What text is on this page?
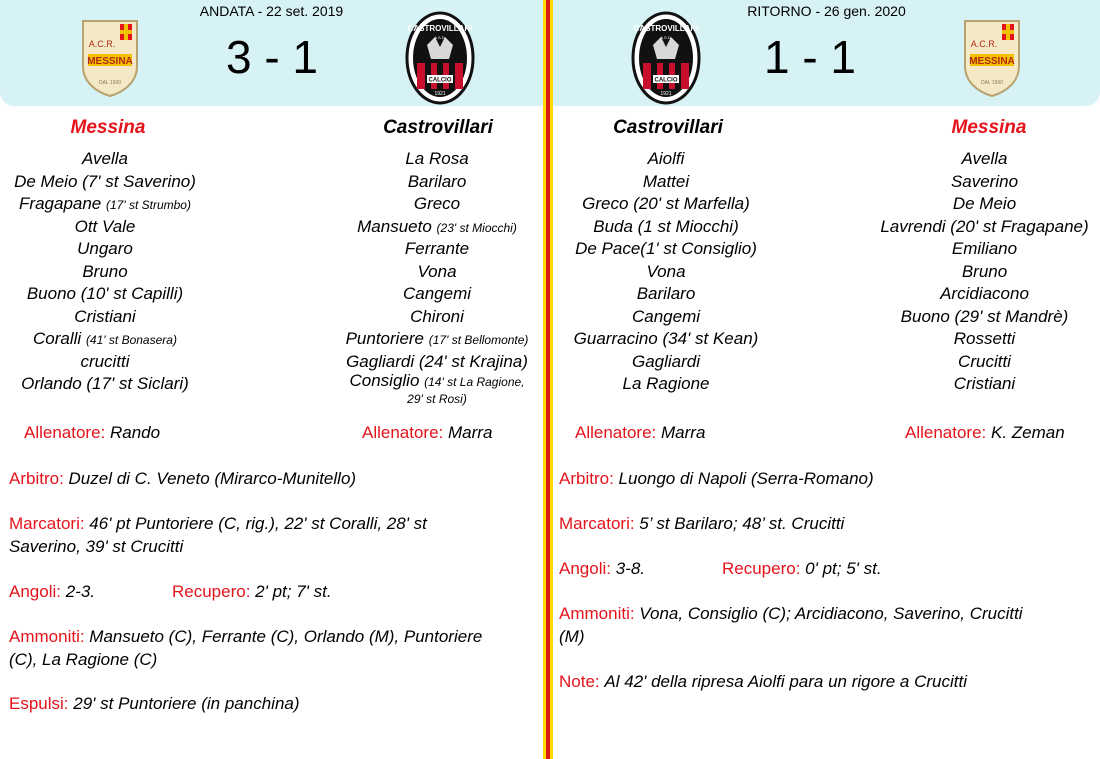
ANDATA - 22 set. 2019
A.C.R.
MESSINA
DAL 1900	3 - 1
CASTROVILLARI
A.S.D.
CALCIO
1921
Messina	Castrovillari
Avella
De Meio (7' st Saverino)
Fragapane (17' st Strumbo)
Ott Vale
Ungaro
Bruno
Buono (10' st Capilli)
Cristiani
Coralli (41' st Bonasera)
crucitti
Orlando (17' st Siclari)
La Rosa
Barilaro
Greco
Mansueto (23' st Miocchi)
Ferrante
Vona
Cangemi
Chironi
Puntoriere (17' st Bellomonte)
Gagliardi (24' st Krajina)
Consiglio (14' st La Ragione,
29' st Rosi)
Allenatore: Rando	Allenatore: Marra
Arbitro: Duzel di C. Veneto (Mirarco-Munitello)
Marcatori: 46' pt Puntoriere (C, rig.), 22' st Coralli, 28' st
Saverino, 39' st Crucitti
Angoli: 2-3.	Recupero: 2' pt; 7' st.
Ammoniti: Mansueto (C), Ferrante (C), Orlando (M), Puntoriere
(C), La Ragione (C)
Espulsi: 29' st Puntoriere (in panchina)
RITORNO - 26 gen. 2020
CASTROVILLARI
A.S.D.
CALCIO
1921
1 - 1	A.C.R.
MESSINA
DAL 1900
Castrovillari	Messina
Aiolfi
Mattei
Greco (20' st Marfella)
Buda (1 st Miocchi)
De Pace(1' st Consiglio)
Vona
Barilaro
Cangemi
Guarracino (34' st Kean)
Gagliardi
La Ragione
Avella
Saverino
De Meio
Lavrendi (20' st Fragapane)
Emiliano
Bruno
Arcidiacono
Buono (29' st Mandrè)
Rossetti
Crucitti
Cristiani
Allenatore: Marra	Allenatore: K. Zeman
Arbitro: Luongo di Napoli (Serra-Romano)
Marcatori: 5’ st Barilaro; 48’ st. Crucitti
Angoli: 3-8.	Recupero: 0' pt; 5' st.
Ammoniti: Vona, Consiglio (C); Arcidiacono, Saverino, Crucitti
(M)
Note: Al 42' della ripresa Aiolfi para un rigore a Crucitti
